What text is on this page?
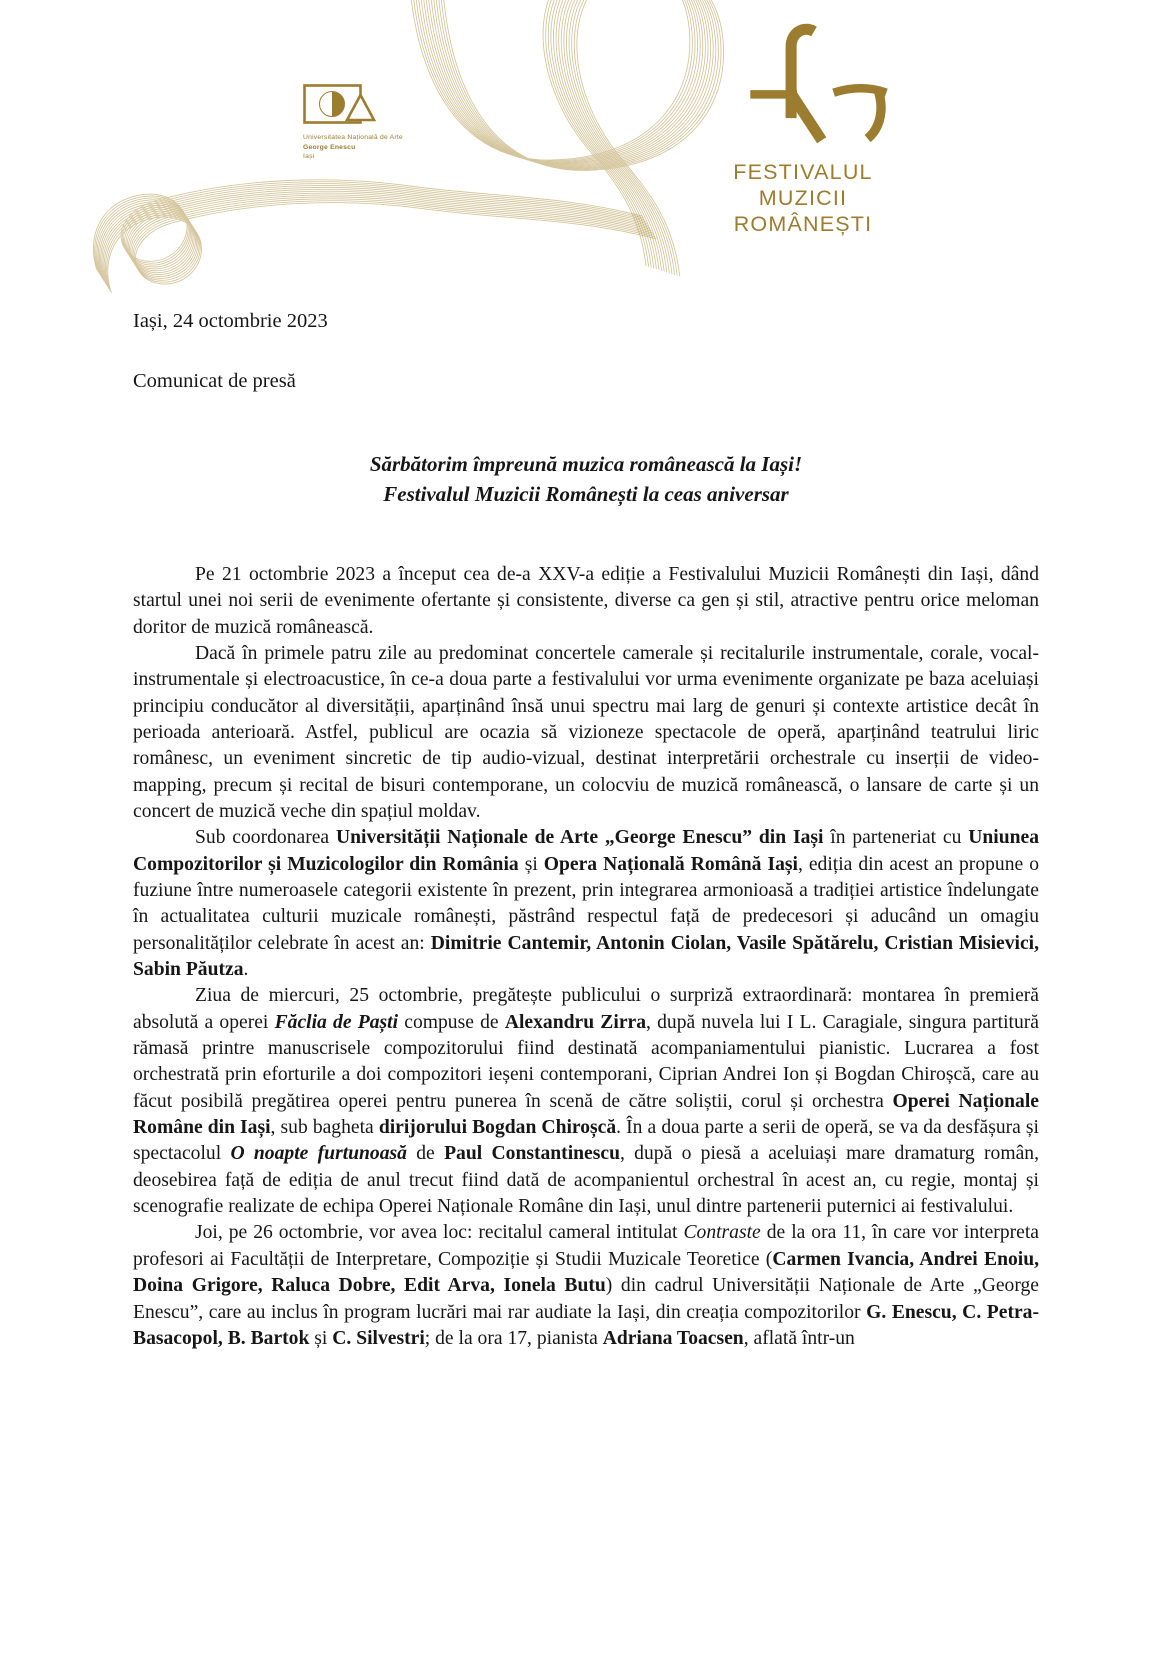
Universitatea Națională de Arte
George Enescu
Iași
FESTIVALUL
MUZICII
ROMÂNEȘTI

Iași, 24 octombrie 2023

Comunicat de presă

Sărbătorim împreună muzica românească la Iași!
Festivalul Muzicii Românești la ceas aniversar

Pe 21 octombrie 2023 a început cea de-a XXV-a ediție a Festivalului Muzicii Românești din Iași, dând startul unei noi serii de evenimente ofertante și consistente, diverse ca gen și stil, atractive pentru orice meloman doritor de muzică românească.

Dacă în primele patru zile au predominat concertele camerale și recitalurile instrumentale, corale, vocal-instrumentale și electroacustice, în ce-a doua parte a festivalului vor urma evenimente organizate pe baza aceluiași principiu conducător al diversității, aparținând însă unui spectru mai larg de genuri și contexte artistice decât în perioada anterioară. Astfel, publicul are ocazia să vizioneze spectacole de operă, aparținând teatrului liric românesc, un eveniment sincretic de tip audio-vizual, destinat interpretării orchestrale cu inserții de video-mapping, precum și recital de bisuri contemporane, un colocviu de muzică românească, o lansare de carte și un concert de muzică veche din spațiul moldav.

Sub coordonarea Universității Naționale de Arte „George Enescu” din Iași în parteneriat cu Uniunea Compozitorilor și Muzicologilor din România și Opera Națională Română Iași, ediția din acest an propune o fuziune între numeroasele categorii existente în prezent, prin integrarea armonioasă a tradiției artistice îndelungate în actualitatea culturii muzicale românești, păstrând respectul față de predecesori și aducând un omagiu personalităților celebrate în acest an: Dimitrie Cantemir, Antonin Ciolan, Vasile Spătărelu, Cristian Misievici, Sabin Păutza.

Ziua de miercuri, 25 octombrie, pregătește publicului o surpriză extraordinară: montarea în premieră absolută a operei Făclia de Paști compuse de Alexandru Zirra, după nuvela lui I L. Caragiale, singura partitură rămasă printre manuscrisele compozitorului fiind destinată acompaniamentului pianistic. Lucrarea a fost orchestrată prin eforturile a doi compozitori ieșeni contemporani, Ciprian Andrei Ion și Bogdan Chiroșcă, care au făcut posibilă pregătirea operei pentru punerea în scenă de către soliștii, corul și orchestra Operei Naționale Române din Iași, sub bagheta dirijorului Bogdan Chiroșcă. În a doua parte a serii de operă, se va da desfășura și spectacolul O noapte furtunoasă de Paul Constantinescu, după o piesă a aceluiași mare dramaturg român, deosebirea față de ediția de anul trecut fiind dată de acompanientul orchestral în acest an, cu regie, montaj și scenografie realizate de echipa Operei Naționale Române din Iași, unul dintre partenerii puternici ai festivalului.

Joi, pe 26 octombrie, vor avea loc: recitalul cameral intitulat Contraste de la ora 11, în care vor interpreta profesori ai Facultății de Interpretare, Compoziție și Studii Muzicale Teoretice (Carmen Ivancia, Andrei Enoiu, Doina Grigore, Raluca Dobre, Edit Arva, Ionela Butu) din cadrul Universității Naționale de Arte „George Enescu”, care au inclus în program lucrări mai rar audiate la Iași, din creația compozitorilor G. Enescu, C. Petra-Basacopol, B. Bartok și C. Silvestri; de la ora 17, pianista Adriana Toacsen, aflată într-un
